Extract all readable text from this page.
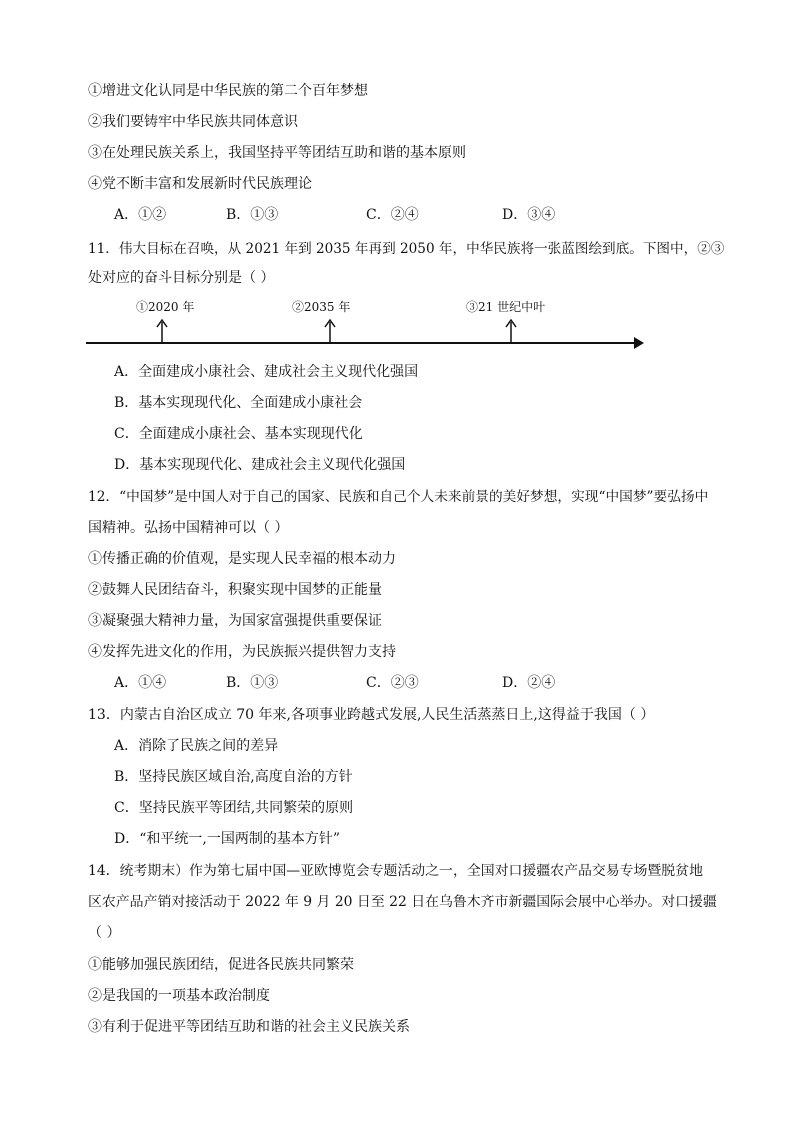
①增进文化认同是中华民族的第二个百年梦想
②我们要铸牢中华民族共同体意识
③在处理民族关系上，我国坚持平等团结互助和谐的基本原则
④党不断丰富和发展新时代民族理论
A．①②	B．①③	C．②④	D．③④
11．伟大目标在召唤，从 2021 年到 2035 年再到 2050 年，中华民族将一张蓝图绘到底。下图中，②③
处对应的奋斗目标分别是（ ）
①2020 年	②2035 年	③21 世纪中叶
A．全面建成小康社会、建成社会主义现代化强国
B．基本实现现代化、全面建成小康社会
C．全面建成小康社会、基本实现现代化
D．基本实现现代化、建成社会主义现代化强国
12．“中国梦”是中国人对于自己的国家、民族和自己个人未来前景的美好梦想，实现“中国梦”要弘扬中
国精神。弘扬中国精神可以（ ）
①传播正确的价值观，是实现人民幸福的根本动力
②鼓舞人民团结奋斗，积聚实现中国梦的正能量
③凝聚强大精神力量，为国家富强提供重要保证
④发挥先进文化的作用，为民族振兴提供智力支持
A．①④	B．①③	C．②③	D．②④
13．内蒙古自治区成立 70 年来,各项事业跨越式发展,人民生活蒸蒸日上,这得益于我国（ ）
A．消除了民族之间的差异
B．坚持民族区域自治,高度自治的方针
C．坚持民族平等团结,共同繁荣的原则
D．“和平统一,一国两制的基本方针”
14．统考期末）作为第七届中国—亚欧博览会专题活动之一，全国对口援疆农产品交易专场暨脱贫地
区农产品产销对接活动于 2022 年 9 月 20 日至 22 日在乌鲁木齐市新疆国际会展中心举办。对口援疆
（ ）
①能够加强民族团结，促进各民族共同繁荣
②是我国的一项基本政治制度
③有利于促进平等团结互助和谐的社会主义民族关系
